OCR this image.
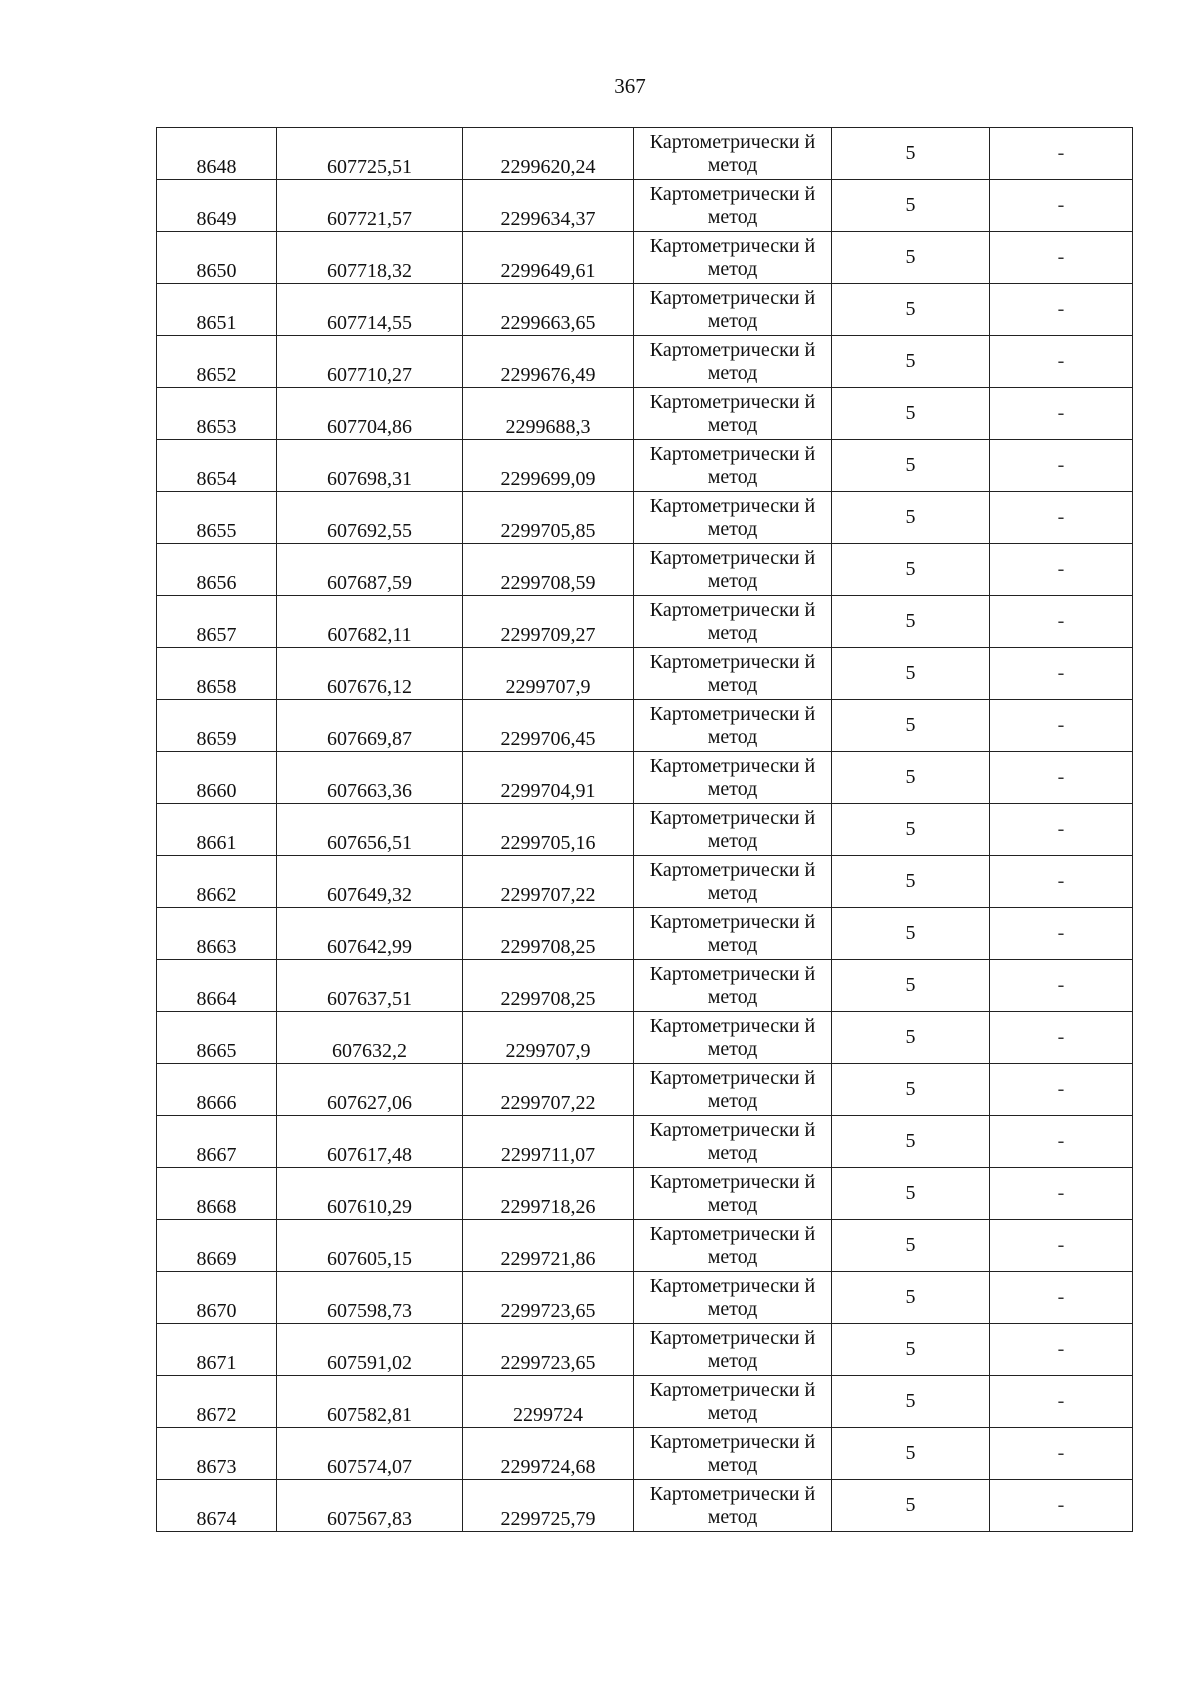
367
8648	607725,51	2299620,24	Картометрически й метод	5	-
8649	607721,57	2299634,37	Картометрически й метод	5	-
8650	607718,32	2299649,61	Картометрически й метод	5	-
8651	607714,55	2299663,65	Картометрически й метод	5	-
8652	607710,27	2299676,49	Картометрически й метод	5	-
8653	607704,86	2299688,3	Картометрически й метод	5	-
8654	607698,31	2299699,09	Картометрически й метод	5	-
8655	607692,55	2299705,85	Картометрически й метод	5	-
8656	607687,59	2299708,59	Картометрически й метод	5	-
8657	607682,11	2299709,27	Картометрически й метод	5	-
8658	607676,12	2299707,9	Картометрически й метод	5	-
8659	607669,87	2299706,45	Картометрически й метод	5	-
8660	607663,36	2299704,91	Картометрически й метод	5	-
8661	607656,51	2299705,16	Картометрически й метод	5	-
8662	607649,32	2299707,22	Картометрически й метод	5	-
8663	607642,99	2299708,25	Картометрически й метод	5	-
8664	607637,51	2299708,25	Картометрически й метод	5	-
8665	607632,2	2299707,9	Картометрически й метод	5	-
8666	607627,06	2299707,22	Картометрически й метод	5	-
8667	607617,48	2299711,07	Картометрически й метод	5	-
8668	607610,29	2299718,26	Картометрически й метод	5	-
8669	607605,15	2299721,86	Картометрически й метод	5	-
8670	607598,73	2299723,65	Картометрически й метод	5	-
8671	607591,02	2299723,65	Картометрически й метод	5	-
8672	607582,81	2299724	Картометрически й метод	5	-
8673	607574,07	2299724,68	Картометрически й метод	5	-
8674	607567,83	2299725,79	Картометрически й метод	5	-
